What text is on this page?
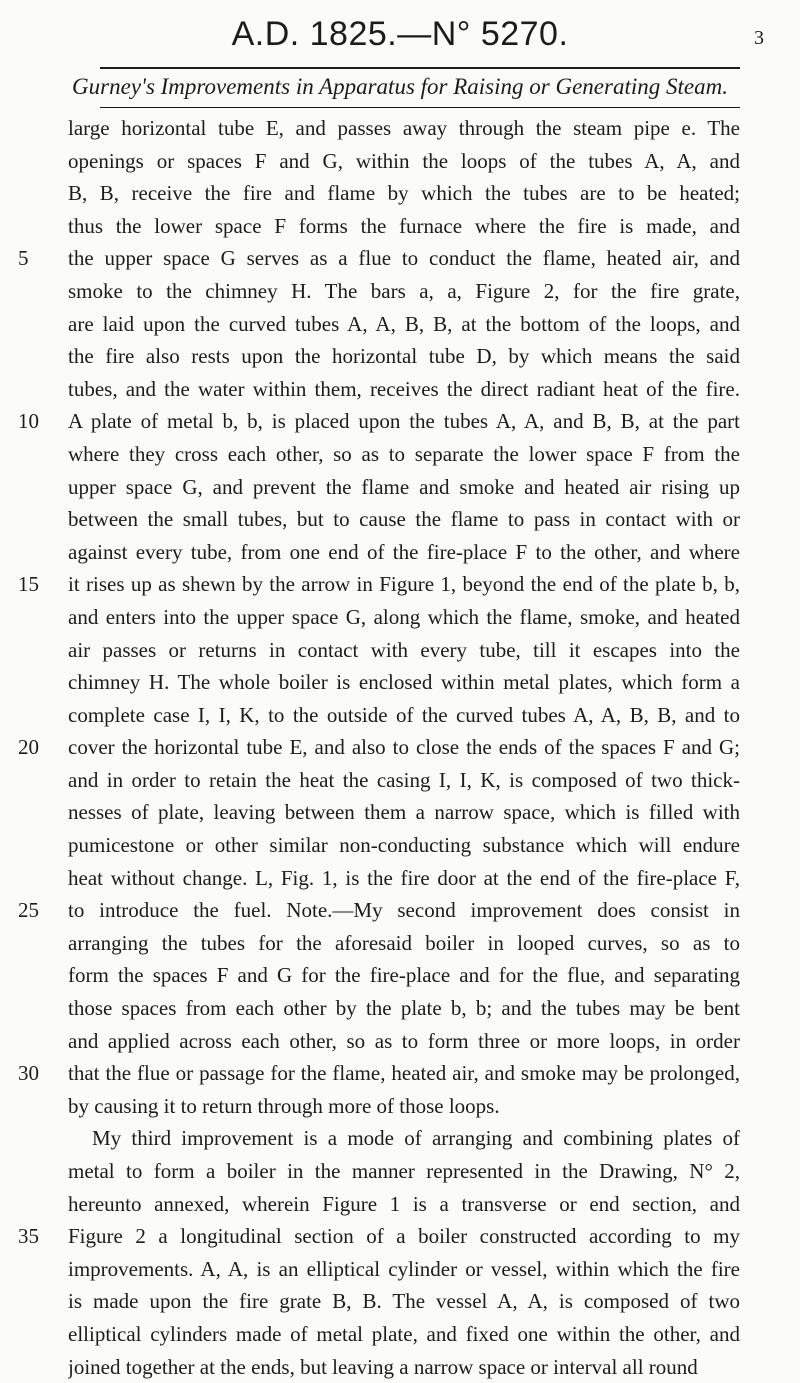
A.D. 1825.—N° 5270.	3
Gurney's Improvements in Apparatus for Raising or Generating Steam.
large horizontal tube E, and passes away through the steam pipe e. The
openings or spaces F and G, within the loops of the tubes A, A, and
B, B, receive the fire and flame by which the tubes are to be heated;
thus the lower space F forms the furnace where the fire is made, and
5	the upper space G serves as a flue to conduct the flame, heated air, and
smoke to the chimney H. The bars a, a, Figure 2, for the fire grate,
are laid upon the curved tubes A, A, B, B, at the bottom of the loops, and
the fire also rests upon the horizontal tube D, by which means the said
tubes, and the water within them, receives the direct radiant heat of the fire.
10	A plate of metal b, b, is placed upon the tubes A, A, and B, B, at the part
where they cross each other, so as to separate the lower space F from the
upper space G, and prevent the flame and smoke and heated air rising up
between the small tubes, but to cause the flame to pass in contact with or
against every tube, from one end of the fire-place F to the other, and where
15	it rises up as shewn by the arrow in Figure 1, beyond the end of the plate b, b,
and enters into the upper space G, along which the flame, smoke, and heated
air passes or returns in contact with every tube, till it escapes into the
chimney H. The whole boiler is enclosed within metal plates, which form a
complete case I, I, K, to the outside of the curved tubes A, A, B, B, and to
20	cover the horizontal tube E, and also to close the ends of the spaces F and G;
and in order to retain the heat the casing I, I, K, is composed of two thick-
nesses of plate, leaving between them a narrow space, which is filled with
pumicestone or other similar non-conducting substance which will endure
heat without change. L, Fig. 1, is the fire door at the end of the fire-place F,
25	to introduce the fuel. Note.—My second improvement does consist in
arranging the tubes for the aforesaid boiler in looped curves, so as to
form the spaces F and G for the fire-place and for the flue, and separating
those spaces from each other by the plate b, b; and the tubes may be bent
and applied across each other, so as to form three or more loops, in order
30	that the flue or passage for the flame, heated air, and smoke may be prolonged,
by causing it to return through more of those loops.
My third improvement is a mode of arranging and combining plates of
metal to form a boiler in the manner represented in the Drawing, N° 2,
hereunto annexed, wherein Figure 1 is a transverse or end section, and
35	Figure 2 a longitudinal section of a boiler constructed according to my
improvements. A, A, is an elliptical cylinder or vessel, within which the fire
is made upon the fire grate B, B. The vessel A, A, is composed of two
elliptical cylinders made of metal plate, and fixed one within the other, and
joined together at the ends, but leaving a narrow space or interval all round
